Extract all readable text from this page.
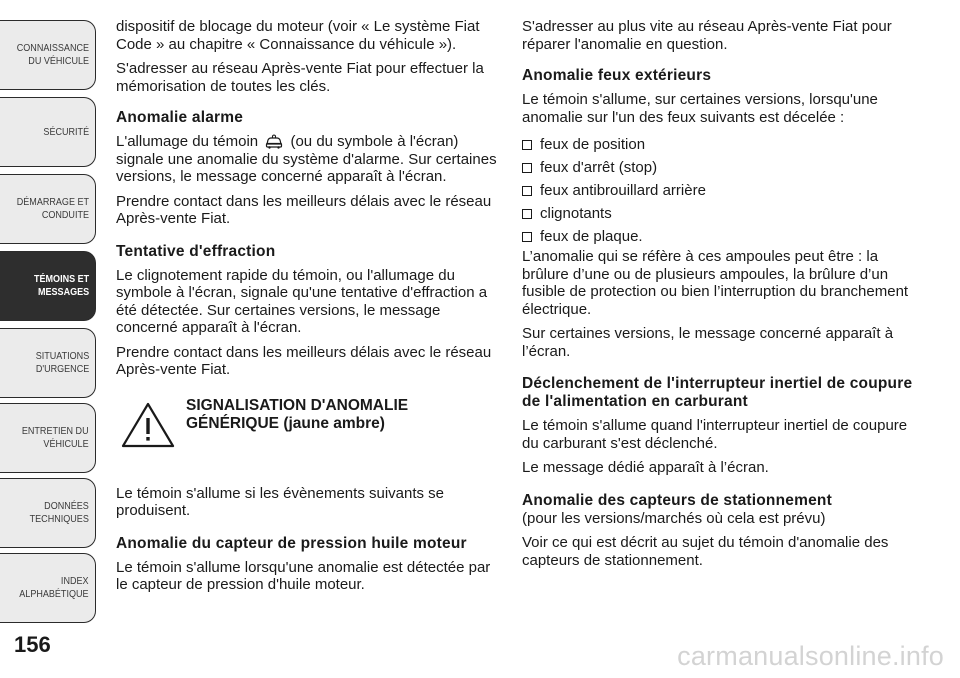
CONNAISSANCE
DU VÉHICULE
SÉCURITÉ
DÉMARRAGE ET
CONDUITE
TÉMOINS ET
MESSAGES
SITUATIONS
D'URGENCE
ENTRETIEN DU
VÉHICULE
DONNÉES
TECHNIQUES
INDEX
ALPHABÉTIQUE
156

dispositif de blocage du moteur (voir « Le système Fiat Code » au chapitre « Connaissance du véhicule »).

S'adresser au réseau Après-vente Fiat pour effectuer la mémorisation de toutes les clés.

Anomalie alarme

L'allumage du témoin (ou du symbole à l'écran) signale une anomalie du système d'alarme. Sur certaines versions, le message concerné apparaît à l'écran.

Prendre contact dans les meilleurs délais avec le réseau Après-vente Fiat.

Tentative d'effraction

Le clignotement rapide du témoin, ou l'allumage du symbole à l'écran, signale qu'une tentative d'effraction a été détectée. Sur certaines versions, le message concerné apparaît à l'écran.

Prendre contact dans les meilleurs délais avec le réseau Après-vente Fiat.

SIGNALISATION D'ANOMALIE
GÉNÉRIQUE (jaune ambre)

Le témoin s'allume si les évènements suivants se produisent.

Anomalie du capteur de pression huile moteur

Le témoin s'allume lorsqu'une anomalie est détectée par le capteur de pression d'huile moteur.

S'adresser au plus vite au réseau Après-vente Fiat pour réparer l'anomalie en question.

Anomalie feux extérieurs

Le témoin s'allume, sur certaines versions, lorsqu'une anomalie sur l'un des feux suivants est décelée :

feux de position
feux d'arrêt (stop)
feux antibrouillard arrière
clignotants
feux de plaque.

L’anomalie qui se réfère à ces ampoules peut être : la brûlure d’une ou de plusieurs ampoules, la brûlure d’un fusible de protection ou bien l’interruption du branchement électrique.

Sur certaines versions, le message concerné apparaît à l’écran.

Déclenchement de l'interrupteur inertiel de coupure de l'alimentation en carburant

Le témoin s'allume quand l'interrupteur inertiel de coupure du carburant s'est déclenché.

Le message dédié apparaît à l’écran.

Anomalie des capteurs de stationnement

(pour les versions/marchés où cela est prévu)

Voir ce qui est décrit au sujet du témoin d'anomalie des capteurs de stationnement.

carmanualsonline.info
